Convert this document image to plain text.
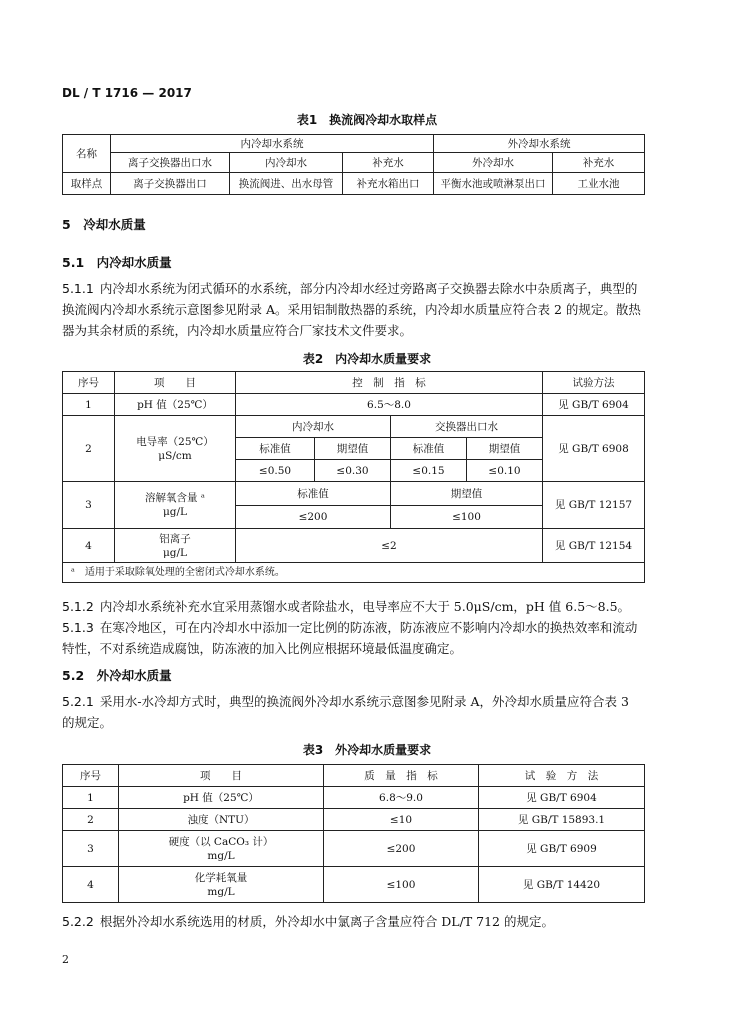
DL / T 1716 — 2017
表1　换流阀冷却水取样点
名称	内冷却水系统			外冷却水系统	
	离子交换器出口水	内冷却水	补充水	外冷却水	补充水
取样点	离子交换器出口	换流阀进、出水母管	补充水箱出口	平衡水池或喷淋泵出口	工业水池
5　冷却水质量
5.1　内冷却水质量
5.1.1 内冷却水系统为闭式循环的水系统，部分内冷却水经过旁路离子交换器去除水中杂质离子，典型的换流阀内冷却水系统示意图参见附录 A。采用铝制散热器的系统，内冷却水质量应符合表 2 的规定。散热器为其余材质的系统，内冷却水质量应符合厂家技术文件要求。
表2　内冷却水质量要求
序号	项　　目	控　制　指　标				试验方法
1	pH 值（25℃）	6.5～8.0				见 GB/T 6904
2	电导率（25℃）
μS/cm	内冷却水		交换器出口水		见 GB/T 6908
		标准值	期望值	标准值	期望值	
		≤0.50	≤0.30	≤0.15	≤0.10	
3	溶解氧含量 ᵃ
μg/L	标准值		期望值		见 GB/T 12157
		≤200		≤100		
4	铝离子
μg/L	≤2				见 GB/T 12154
ᵃ　适用于采取除氧处理的全密闭式冷却水系统。						
5.1.2 内冷却水系统补充水宜采用蒸馏水或者除盐水，电导率应不大于 5.0μS/cm，pH 值 6.5～8.5。
5.1.3 在寒冷地区，可在内冷却水中添加一定比例的防冻液，防冻液应不影响内冷却水的换热效率和流动特性，不对系统造成腐蚀，防冻液的加入比例应根据环境最低温度确定。
5.2　外冷却水质量
5.2.1 采用水-水冷却方式时，典型的换流阀外冷却水系统示意图参见附录 A，外冷却水质量应符合表 3 的规定。
表3　外冷却水质量要求
序号	项　　目	质　量　指　标	试　验　方　法
1	pH 值（25℃）	6.8～9.0	见 GB/T 6904
2	浊度（NTU）	≤10	见 GB/T 15893.1
3	硬度（以 CaCO₃ 计）
mg/L	≤200	见 GB/T 6909
4	化学耗氧量
mg/L	≤100	见 GB/T 14420
5.2.2 根据外冷却水系统选用的材质，外冷却水中氯离子含量应符合 DL/T 712 的规定。
2
